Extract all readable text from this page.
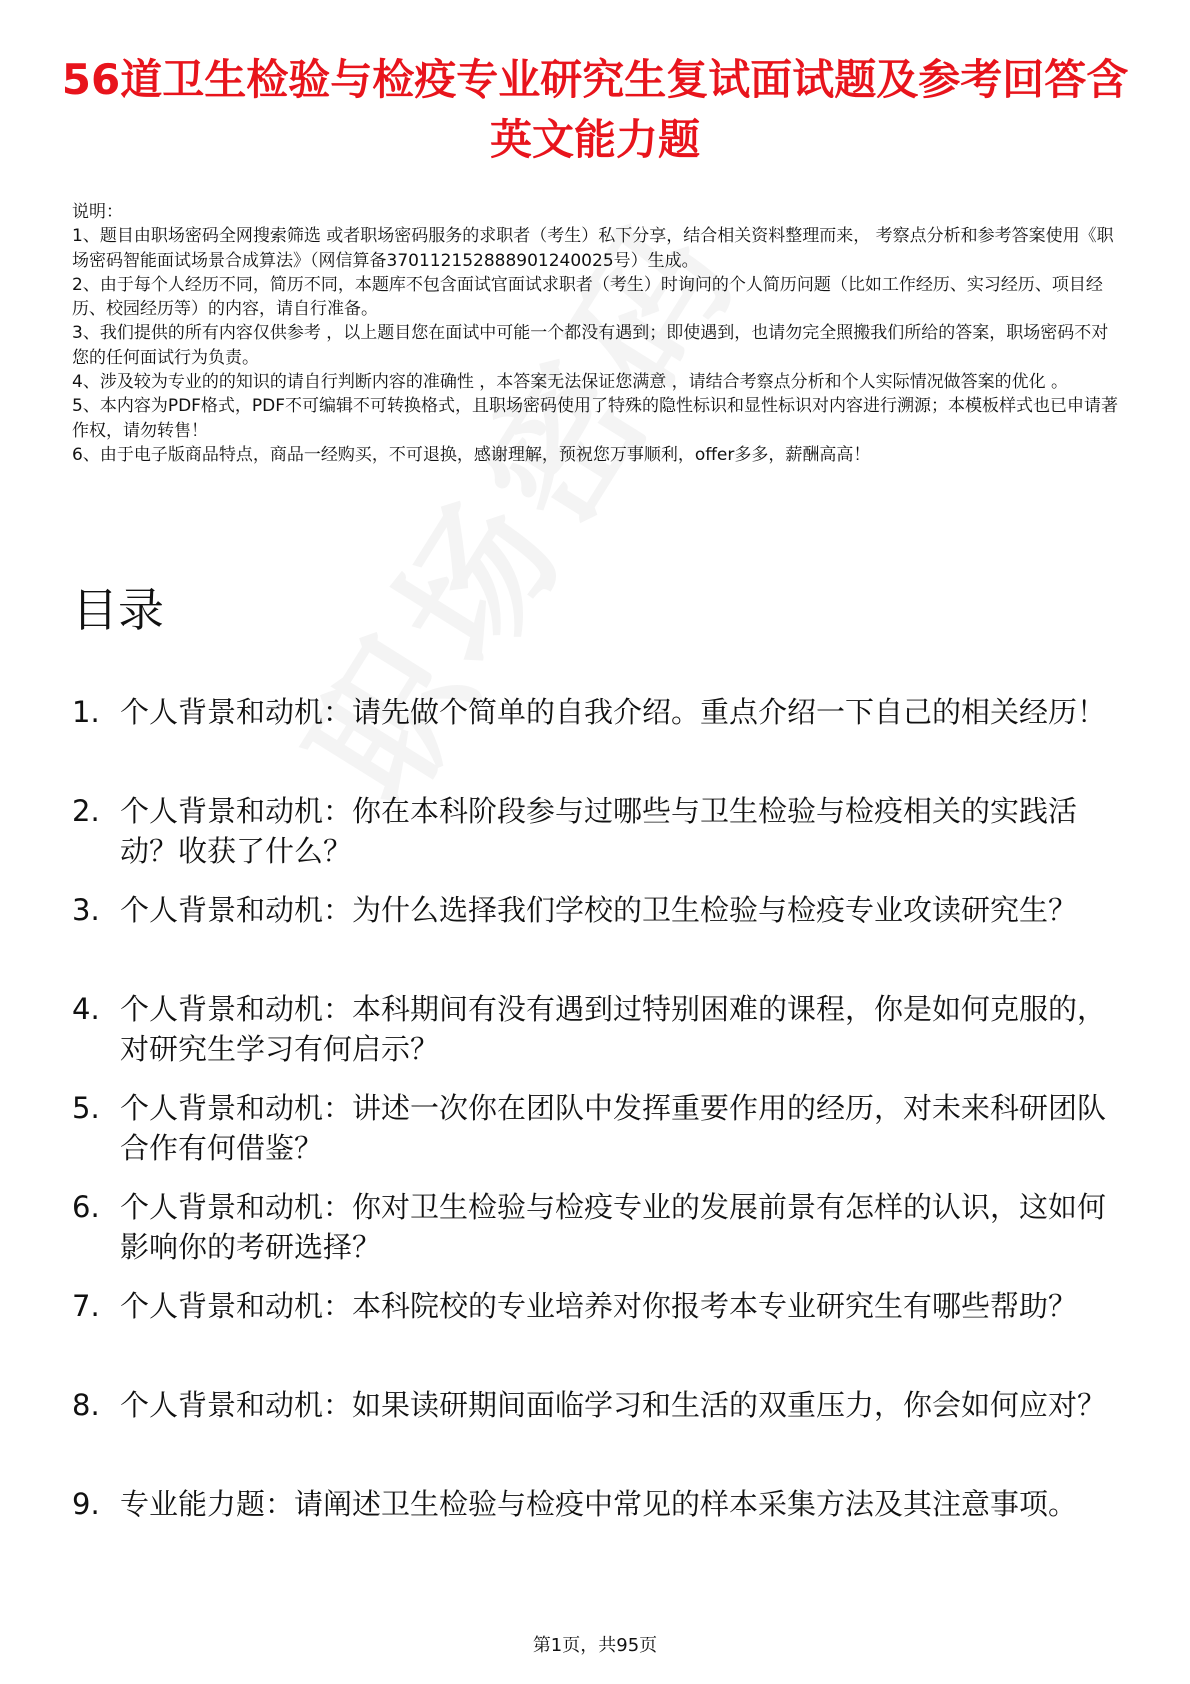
56道卫生检验与检疫专业研究生复试面试题及参考回答含英文能力题

说明：

1、题目由职场密码全网搜索筛选 或者职场密码服务的求职者（考生）私下分享，结合相关资料整理而来， 考察点分析和参考答案使用《职场密码智能面试场景合成算法》（网信算备370112152888901240025号）生成。

2、由于每个人经历不同，简历不同，本题库不包含面试官面试求职者（考生）时询问的个人简历问题（比如工作经历、实习经历、项目经历、校园经历等）的内容，请自行准备。

3、我们提供的所有内容仅供参考 ，以上题目您在面试中可能一个都没有遇到；即使遇到，也请勿完全照搬我们所给的答案，职场密码不对您的任何面试行为负责。

4、涉及较为专业的的知识的请自行判断内容的准确性 ，本答案无法保证您满意 ，请结合考察点分析和个人实际情况做答案的优化 。

5、本内容为PDF格式，PDF不可编辑不可转换格式，且职场密码使用了特殊的隐性标识和显性标识对内容进行溯源；本模板样式也已申请著作权，请勿转售！

6、由于电子版商品特点，商品一经购买，不可退换，感谢理解，预祝您万事顺利，offer多多，薪酬高高！

目录
1. 个人背景和动机：请先做个简单的自我介绍。重点介绍一下自己的相关经历！
2. 个人背景和动机：你在本科阶段参与过哪些与卫生检验与检疫相关的实践活动？收获了什么？
3. 个人背景和动机：为什么选择我们学校的卫生检验与检疫专业攻读研究生？
4. 个人背景和动机：本科期间有没有遇到过特别困难的课程，你是如何克服的，对研究生学习有何启示？
5. 个人背景和动机：讲述一次你在团队中发挥重要作用的经历，对未来科研团队合作有何借鉴？
6. 个人背景和动机：你对卫生检验与检疫专业的发展前景有怎样的认识，这如何影响你的考研选择？
7. 个人背景和动机：本科院校的专业培养对你报考本专业研究生有哪些帮助？
8. 个人背景和动机：如果读研期间面临学习和生活的双重压力，你会如何应对？
9. 专业能力题：请阐述卫生检验与检疫中常见的样本采集方法及其注意事项。
第1页，共95页
